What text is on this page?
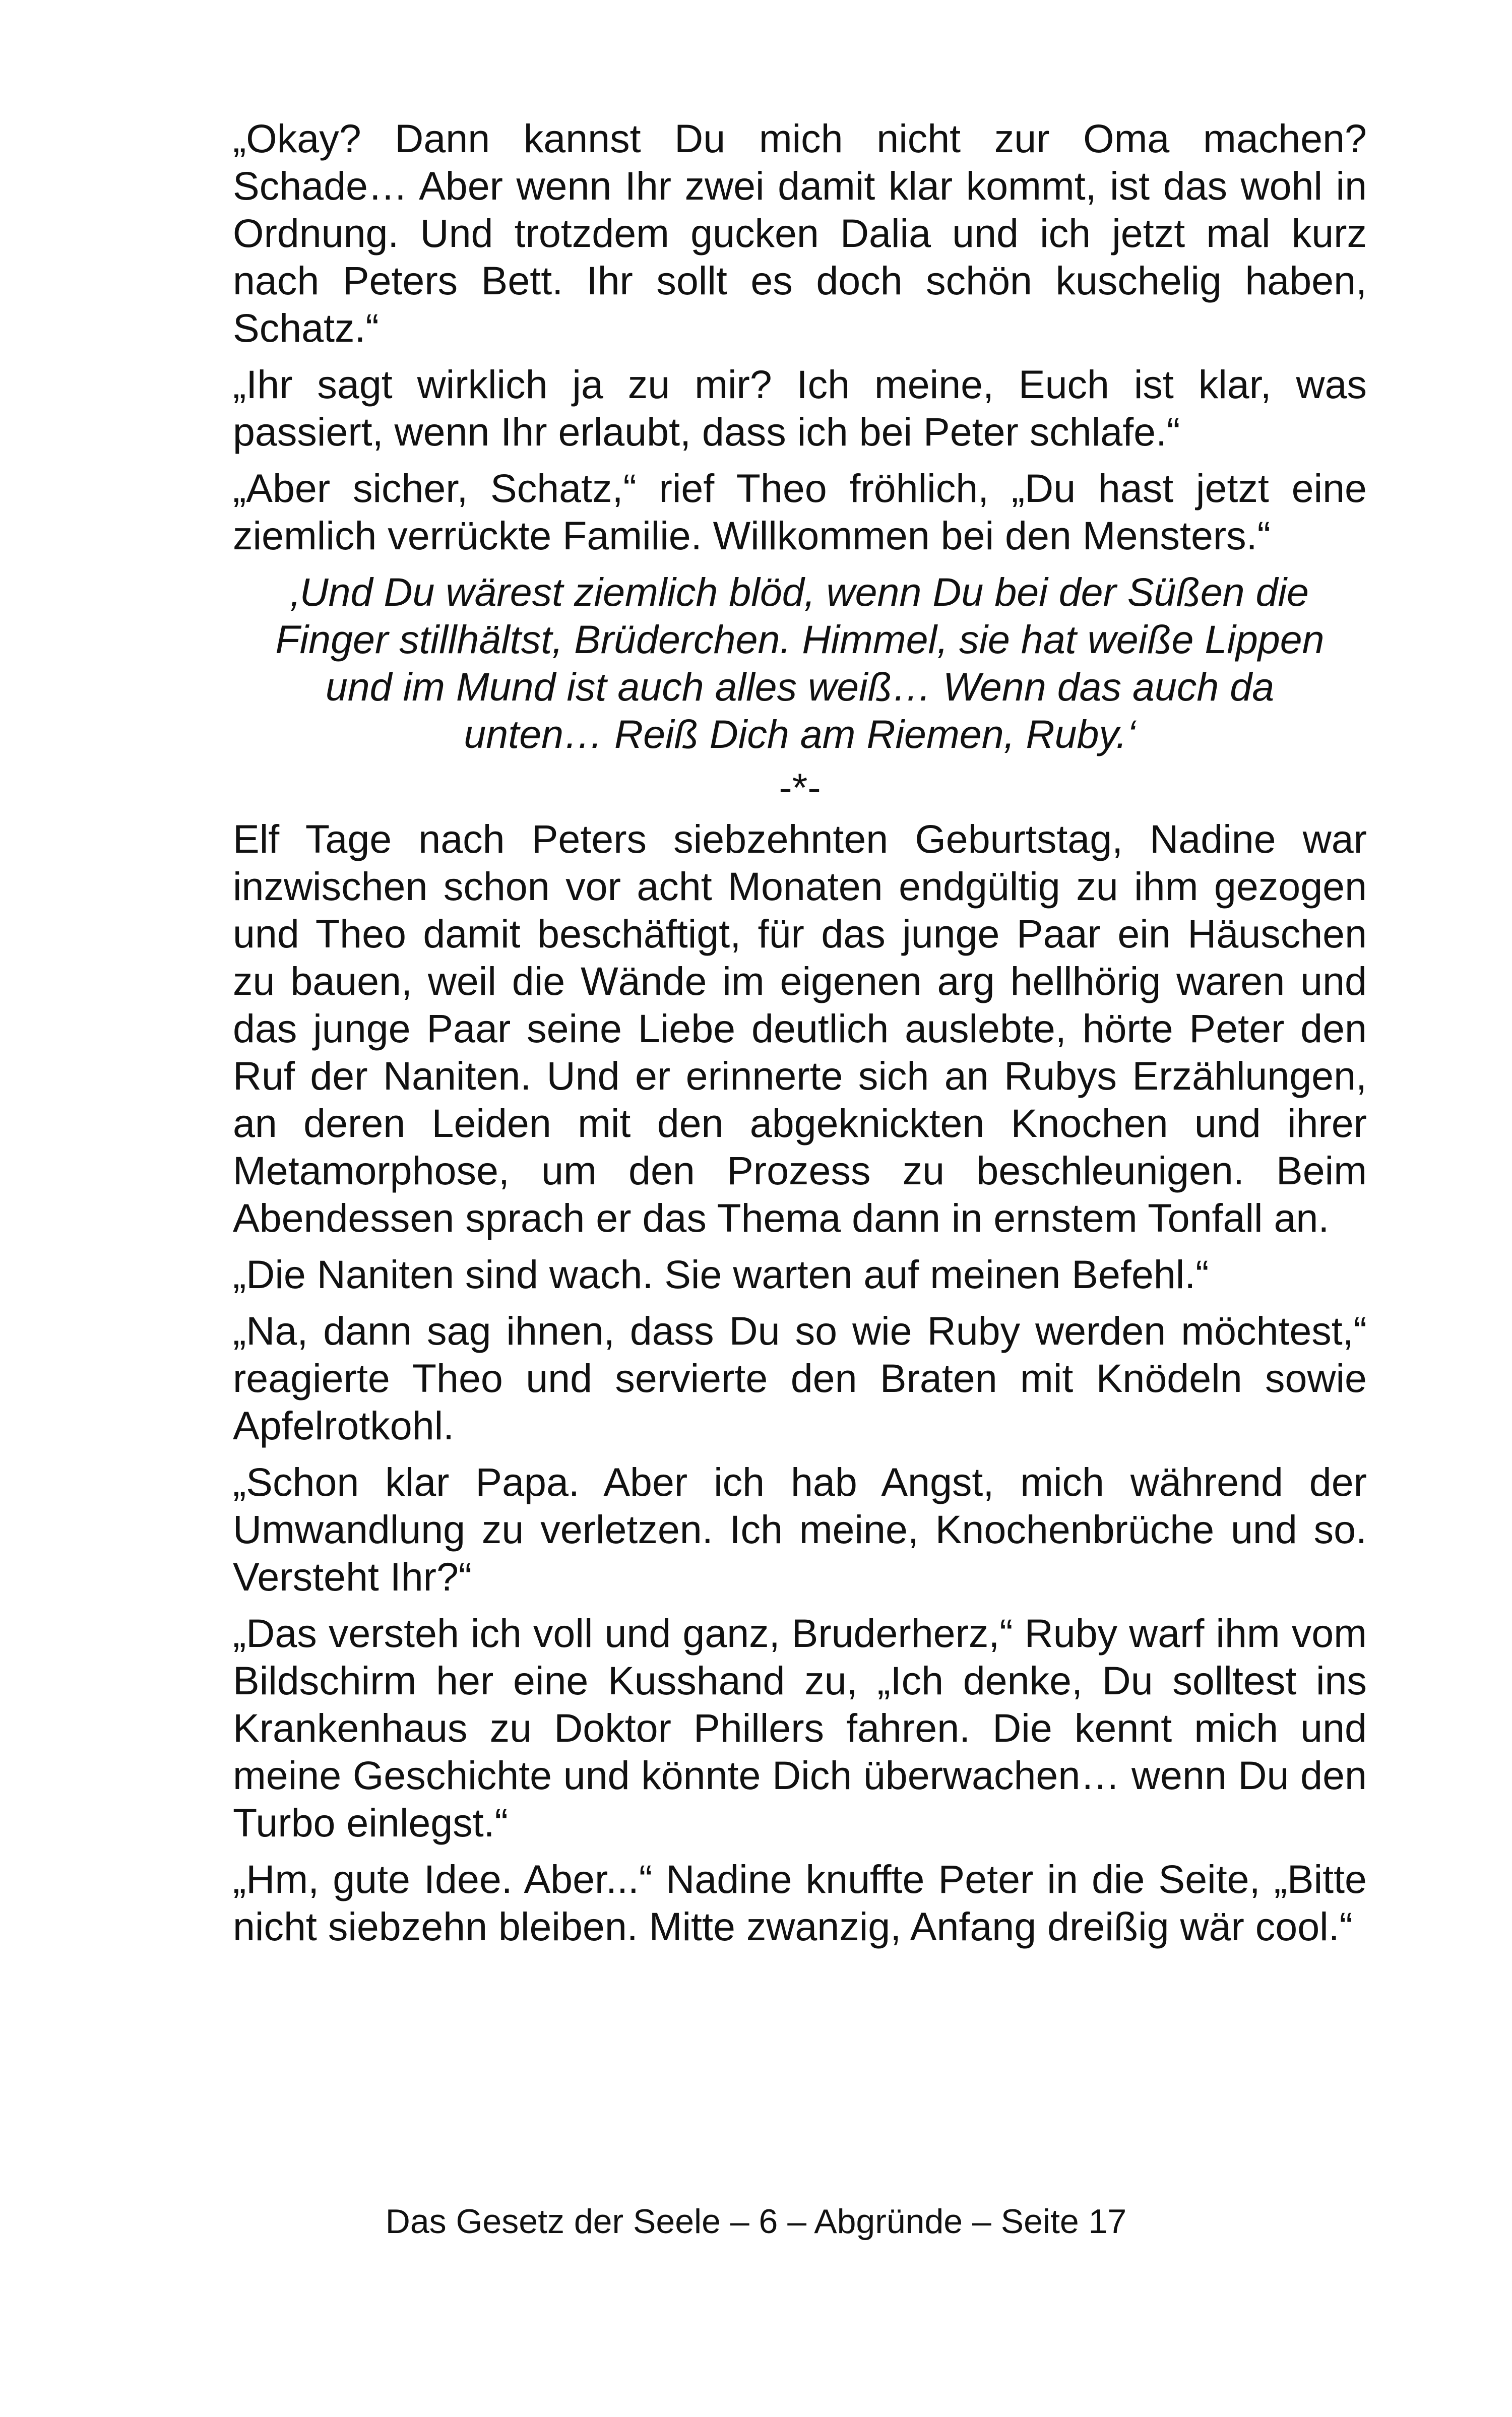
„Okay? Dann kannst Du mich nicht zur Oma machen? Schade… Aber wenn Ihr zwei damit klar kommt, ist das wohl in Ordnung. Und trotzdem gucken Dalia und ich jetzt mal kurz nach Peters Bett. Ihr sollt es doch schön kuschelig haben, Schatz.“

„Ihr sagt wirklich ja zu mir? Ich meine, Euch ist klar, was passiert, wenn Ihr erlaubt, dass ich bei Peter schlafe.“

„Aber sicher, Schatz,“ rief Theo fröhlich, „Du hast jetzt eine ziemlich verrückte Familie. Willkommen bei den Mensters.“

‚Und Du wärest ziemlich blöd, wenn Du bei der Süßen die
Finger stillhältst, Brüderchen. Himmel, sie hat weiße Lippen
und im Mund ist auch alles weiß… Wenn das auch da
unten… Reiß Dich am Riemen, Ruby.‘
-*-

Elf Tage nach Peters siebzehnten Geburtstag, Nadine war inzwischen schon vor acht Monaten endgültig zu ihm gezogen und Theo damit beschäftigt, für das junge Paar ein Häuschen zu bauen, weil die Wände im eigenen arg hellhörig waren und das junge Paar seine Liebe deutlich auslebte, hörte Peter den Ruf der Naniten. Und er erinnerte sich an Rubys Erzählungen, an deren Leiden mit den abgeknickten Knochen und ihrer Metamorphose, um den Prozess zu beschleunigen. Beim Abendessen sprach er das Thema dann in ernstem Tonfall an.

„Die Naniten sind wach. Sie warten auf meinen Befehl.“

„Na, dann sag ihnen, dass Du so wie Ruby werden möchtest,“ reagierte Theo und servierte den Braten mit Knödeln sowie Apfelrotkohl.

„Schon klar Papa. Aber ich hab Angst, mich während der Umwandlung zu verletzen. Ich meine, Knochenbrüche und so. Versteht Ihr?“

„Das versteh ich voll und ganz, Bruderherz,“ Ruby warf ihm vom Bildschirm her eine Kusshand zu, „Ich denke, Du solltest ins Krankenhaus zu Doktor Phillers fahren. Die kennt mich und meine Geschichte und könnte Dich überwachen… wenn Du den Turbo einlegst.“

„Hm, gute Idee. Aber...“ Nadine knuffte Peter in die Seite, „Bitte nicht siebzehn bleiben. Mitte zwanzig, Anfang dreißig wär cool.“

Das Gesetz der Seele – 6 – Abgründe – Seite 17
